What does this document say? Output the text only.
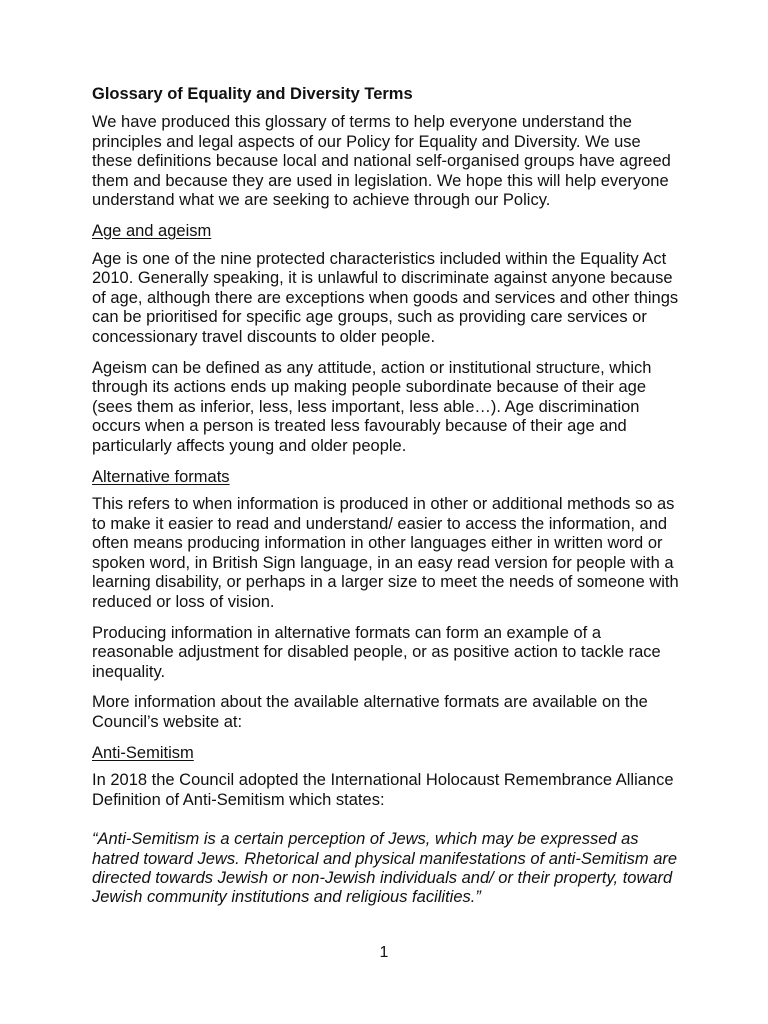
Glossary of Equality and Diversity Terms

We have produced this glossary of terms to help everyone understand the principles and legal aspects of our Policy for Equality and Diversity. We use these definitions because local and national self-organised groups have agreed them and because they are used in legislation. We hope this will help everyone understand what we are seeking to achieve through our Policy.

Age and ageism

Age is one of the nine protected characteristics included within the Equality Act 2010. Generally speaking, it is unlawful to discriminate against anyone because of age, although there are exceptions when goods and services and other things can be prioritised for specific age groups, such as providing care services or concessionary travel discounts to older people.

Ageism can be defined as any attitude, action or institutional structure, which through its actions ends up making people subordinate because of their age (sees them as inferior, less, less important, less able…). Age discrimination occurs when a person is treated less favourably because of their age and particularly affects young and older people.

Alternative formats

This refers to when information is produced in other or additional methods so as to make it easier to read and understand/ easier to access the information, and often means producing information in other languages either in written word or spoken word, in British Sign language, in an easy read version for people with a learning disability, or perhaps in a larger size to meet the needs of someone with reduced or loss of vision.

Producing information in alternative formats can form an example of a reasonable adjustment for disabled people, or as positive action to tackle race inequality.

More information about the available alternative formats are available on the Council’s website at:

Anti-Semitism

In 2018 the Council adopted the International Holocaust Remembrance Alliance Definition of Anti-Semitism which states:

“Anti-Semitism is a certain perception of Jews, which may be expressed as hatred toward Jews. Rhetorical and physical manifestations of anti-Semitism are directed towards Jewish or non-Jewish individuals and/ or their property, toward Jewish community institutions and religious facilities.”

1
